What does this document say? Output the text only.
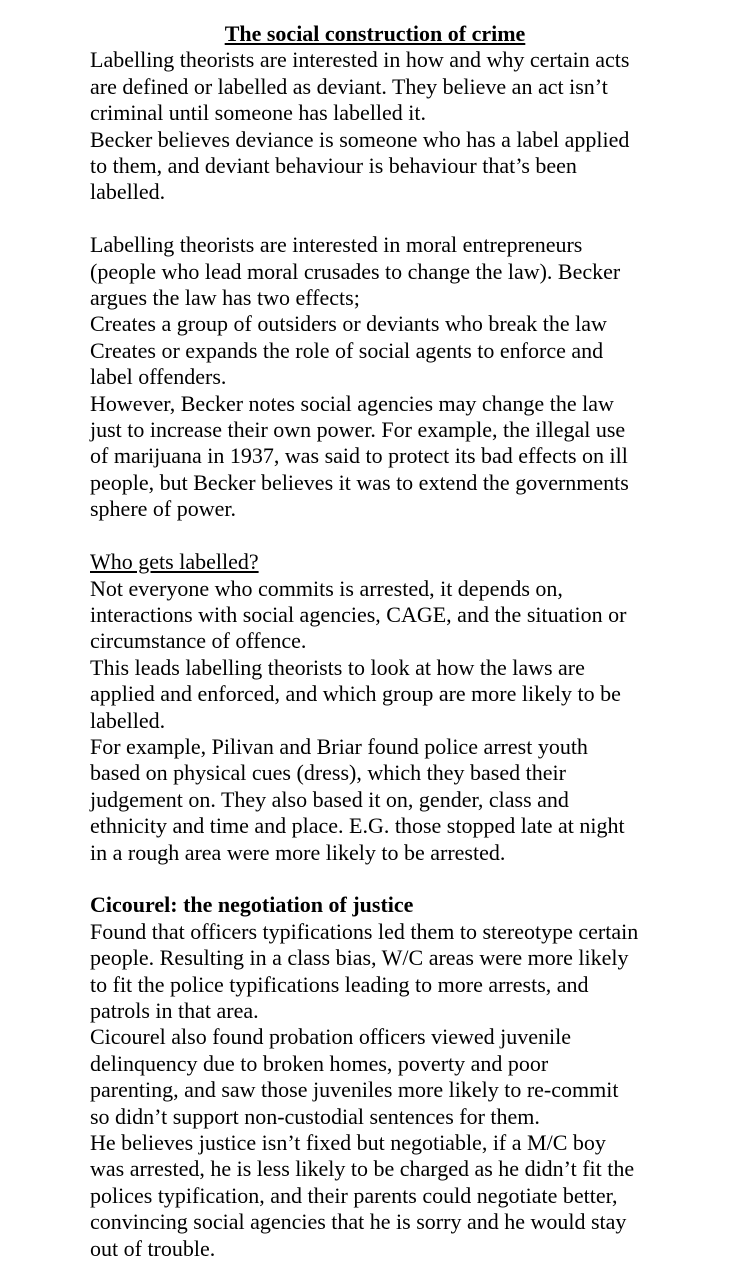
The social construction of crime

Labelling theorists are interested in how and why certain acts

are defined or labelled as deviant. They believe an act isn’t

criminal until someone has labelled it.

Becker believes deviance is someone who has a label applied

to them, and deviant behaviour is behaviour that’s been

labelled.

Labelling theorists are interested in moral entrepreneurs

(people who lead moral crusades to change the law). Becker

argues the law has two effects;

Creates a group of outsiders or deviants who break the law

Creates or expands the role of social agents to enforce and

label offenders.

However, Becker notes social agencies may change the law

just to increase their own power. For example, the illegal use

of marijuana in 1937, was said to protect its bad effects on ill

people, but Becker believes it was to extend the governments

sphere of power.

Who gets labelled?

Not everyone who commits is arrested, it depends on,

interactions with social agencies, CAGE, and the situation or

circumstance of offence.

This leads labelling theorists to look at how the laws are

applied and enforced, and which group are more likely to be

labelled.

For example, Pilivan and Briar found police arrest youth

based on physical cues (dress), which they based their

judgement on. They also based it on, gender, class and

ethnicity and time and place. E.G. those stopped late at night

in a rough area were more likely to be arrested.

Cicourel: the negotiation of justice

Found that officers typifications led them to stereotype certain

people. Resulting in a class bias, W/C areas were more likely

to fit the police typifications leading to more arrests, and

patrols in that area.

Cicourel also found probation officers viewed juvenile

delinquency due to broken homes, poverty and poor

parenting, and saw those juveniles more likely to re-commit

so didn’t support non-custodial sentences for them.

He believes justice isn’t fixed but negotiable, if a M/C boy

was arrested, he is less likely to be charged as he didn’t fit the

polices typification, and their parents could negotiate better,

convincing social agencies that he is sorry and he would stay

out of trouble.
